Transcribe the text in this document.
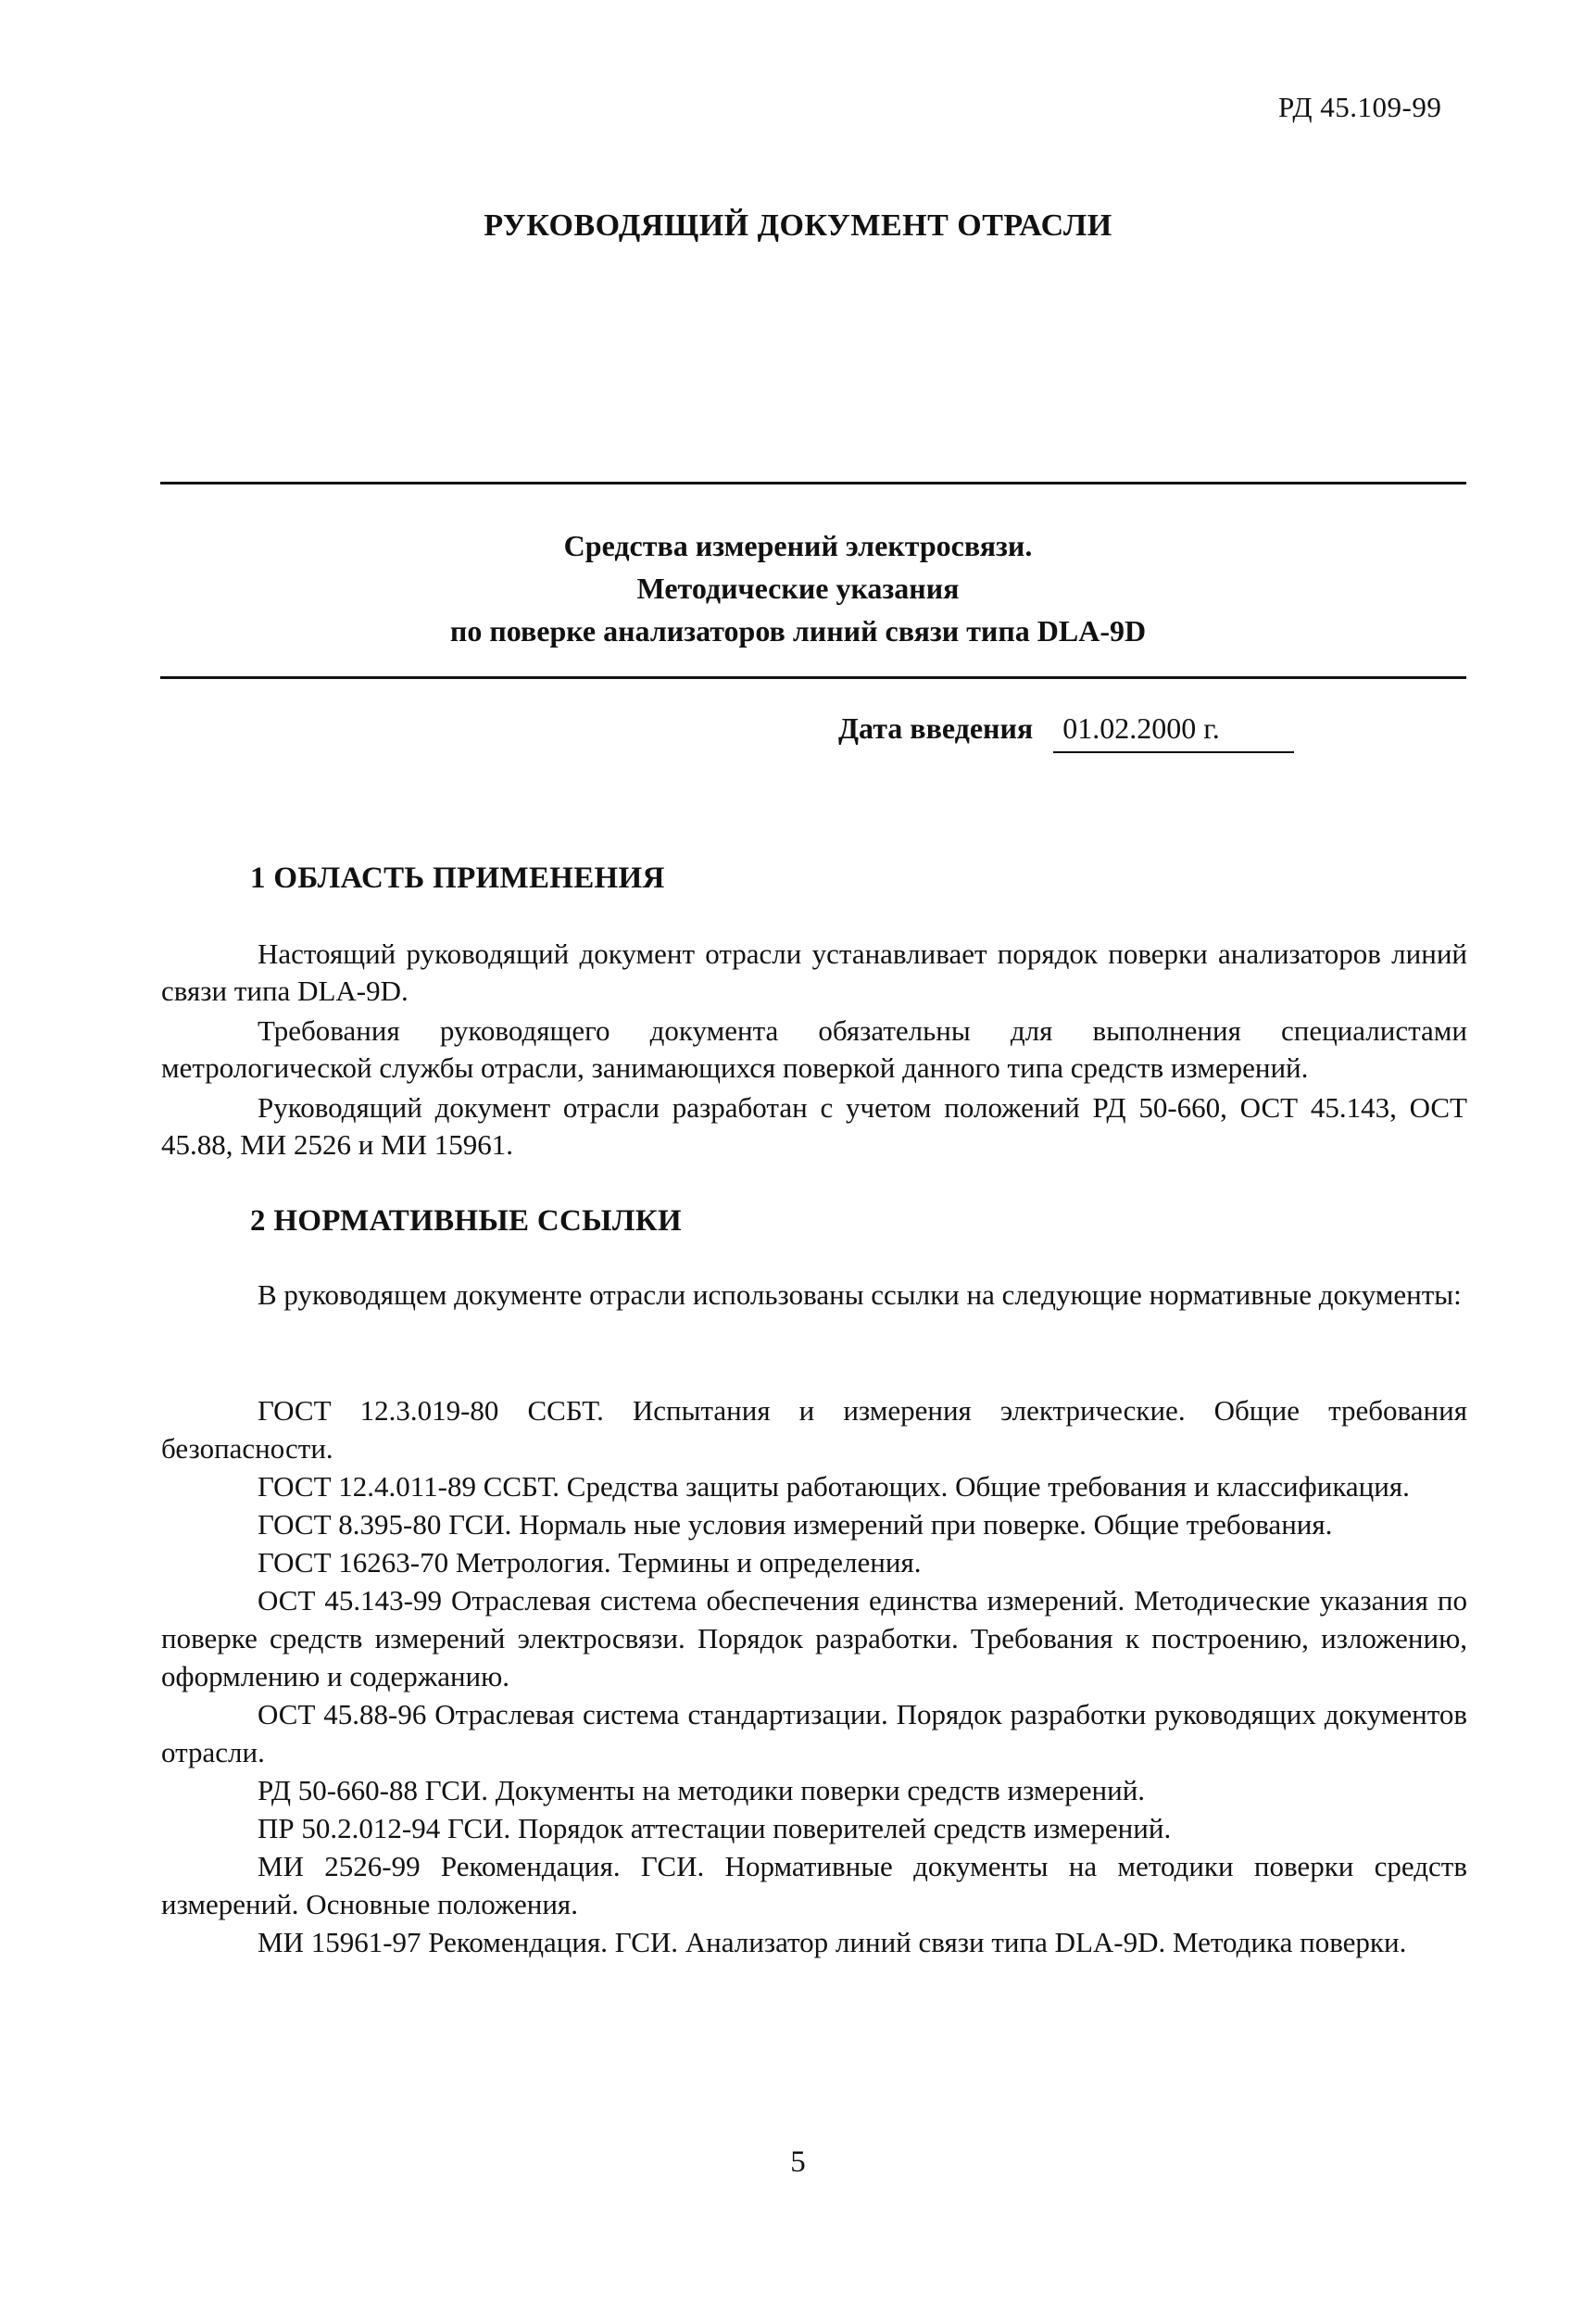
РД 45.109-99
РУКОВОДЯЩИЙ ДОКУМЕНТ ОТРАСЛИ
Средства измерений электросвязи.
Методические указания
по поверке анализаторов линий связи типа DLA-9D
Дата введения 01.02.2000 г.
1 ОБЛАСТЬ ПРИМЕНЕНИЯ

Настоящий руководящий документ отрасли устанавливает порядок поверки анализаторов линий связи типа DLA-9D.

Требования руководящего документа обязательны для выполнения специалистами метрологической службы отрасли, занимающихся поверкой данного типа средств измерений.

Руководящий документ отрасли разработан с учетом положений РД 50-660, ОСТ 45.143, ОСТ 45.88, МИ 2526 и МИ 15961.

2 НОРМАТИВНЫЕ ССЫЛКИ

В руководящем документе отрасли использованы ссылки на следующие нормативные документы:

ГОСТ 12.3.019-80 ССБТ. Испытания и измерения электрические. Общие требования безопасности.

ГОСТ 12.4.011-89 ССБТ. Средства защиты работающих. Общие требования и классификация.

ГОСТ 8.395-80 ГСИ. Нормаль ные условия измерений при поверке. Общие требования.

ГОСТ 16263-70 Метрология. Термины и определения.

ОСТ 45.143-99 Отраслевая система обеспечения единства измерений. Методические указания по поверке средств измерений электросвязи. Порядок разработки. Требования к построению, изложению, оформлению и содержанию.

ОСТ 45.88-96 Отраслевая система стандартизации. Порядок разработки руководящих документов отрасли.

РД 50-660-88 ГСИ. Документы на методики поверки средств измерений.

ПР 50.2.012-94 ГСИ. Порядок аттестации поверителей средств измерений.

МИ 2526-99 Рекомендация. ГСИ. Нормативные документы на методики поверки средств измерений. Основные положения.

МИ 15961-97 Рекомендация. ГСИ. Анализатор линий связи типа DLA-9D. Методика поверки.

5
